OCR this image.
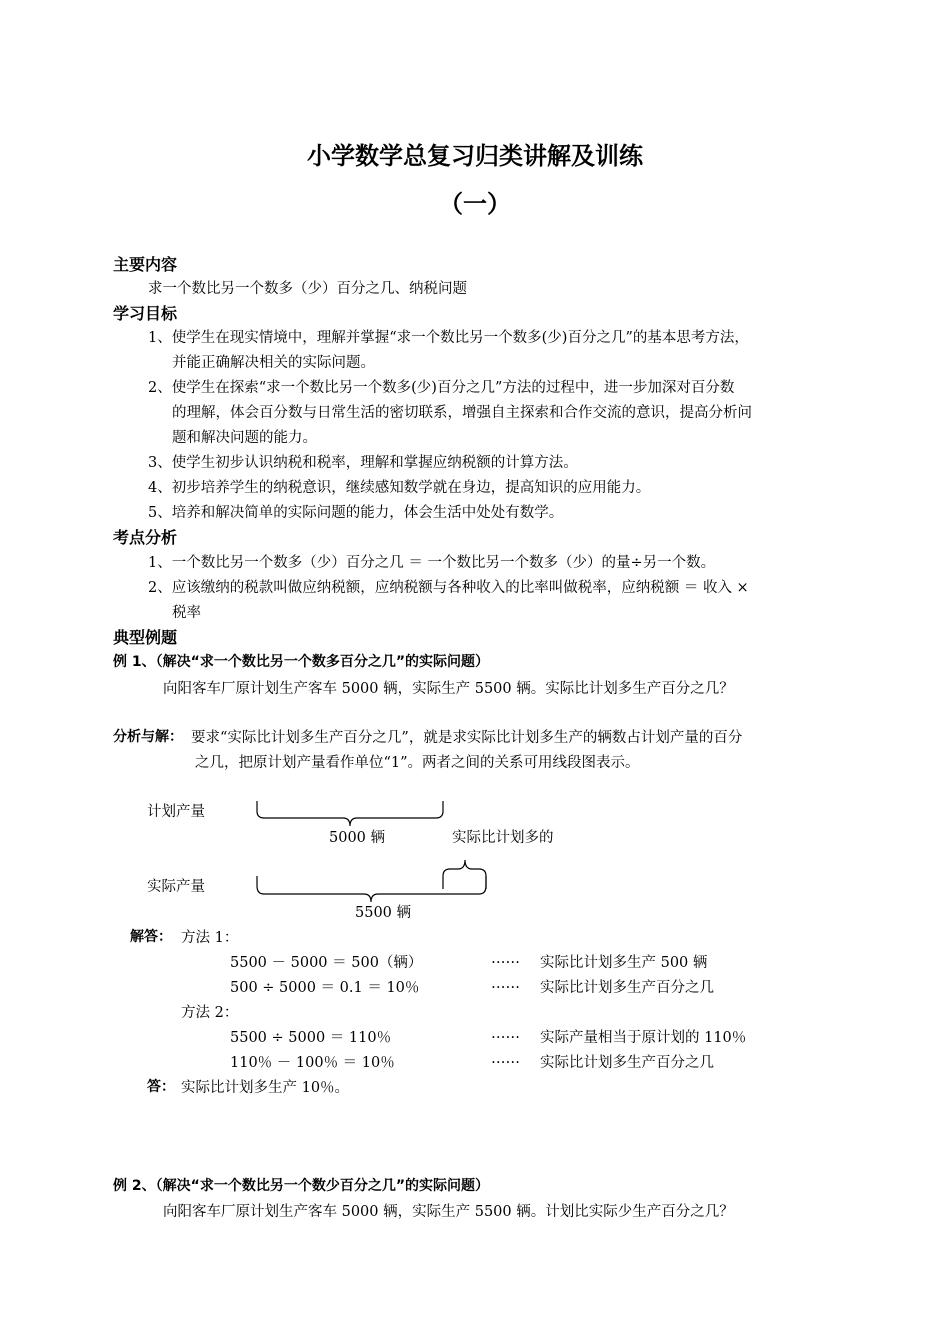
小学数学总复习归类讲解及训练
（一）
主要内容
求一个数比另一个数多（少）百分之几、纳税问题
学习目标
1、使学生在现实情境中，理解并掌握“求一个数比另一个数多(少)百分之几”的基本思考方法，
并能正确解决相关的实际问题。
2、使学生在探索“求一个数比另一个数多(少)百分之几”方法的过程中，进一步加深对百分数
的理解，体会百分数与日常生活的密切联系，增强自主探索和合作交流的意识，提高分析问
题和解决问题的能力。
3、使学生初步认识纳税和税率，理解和掌握应纳税额的计算方法。
4、初步培养学生的纳税意识，继续感知数学就在身边，提高知识的应用能力。
5、培养和解决简单的实际问题的能力，体会生活中处处有数学。
考点分析
1、一个数比另一个数多（少）百分之几 ＝ 一个数比另一个数多（少）的量÷另一个数。
2、应该缴纳的税款叫做应纳税额，应纳税额与各种收入的比率叫做税率，应纳税额 ＝ 收入 ×
税率
典型例题
例 1、（解决“求一个数比另一个数多百分之几”的实际问题）
向阳客车厂原计划生产客车 5000 辆，实际生产 5500 辆。实际比计划多生产百分之几？
分析与解： 要求“实际比计划多生产百分之几”，就是求实际比计划多生产的辆数占计划产量的百分
之几，把原计划产量看作单位“1”。两者之间的关系可用线段图表示。
计划产量
5000 辆	实际比计划多的
实际产量
5500 辆
解答： 方法 1：
5500 － 5000 ＝ 500（辆）	…… 实际比计划多生产 500 辆
500 ÷ 5000 ＝ 0.1 ＝ 10％	…… 实际比计划多生产百分之几
方法 2：
5500 ÷ 5000 ＝ 110％	…… 实际产量相当于原计划的 110％
110％ － 100％ ＝ 10％	…… 实际比计划多生产百分之几
答： 实际比计划多生产 10％。
例 2、（解决“求一个数比另一个数少百分之几”的实际问题）
向阳客车厂原计划生产客车 5000 辆，实际生产 5500 辆。计划比实际少生产百分之几？
